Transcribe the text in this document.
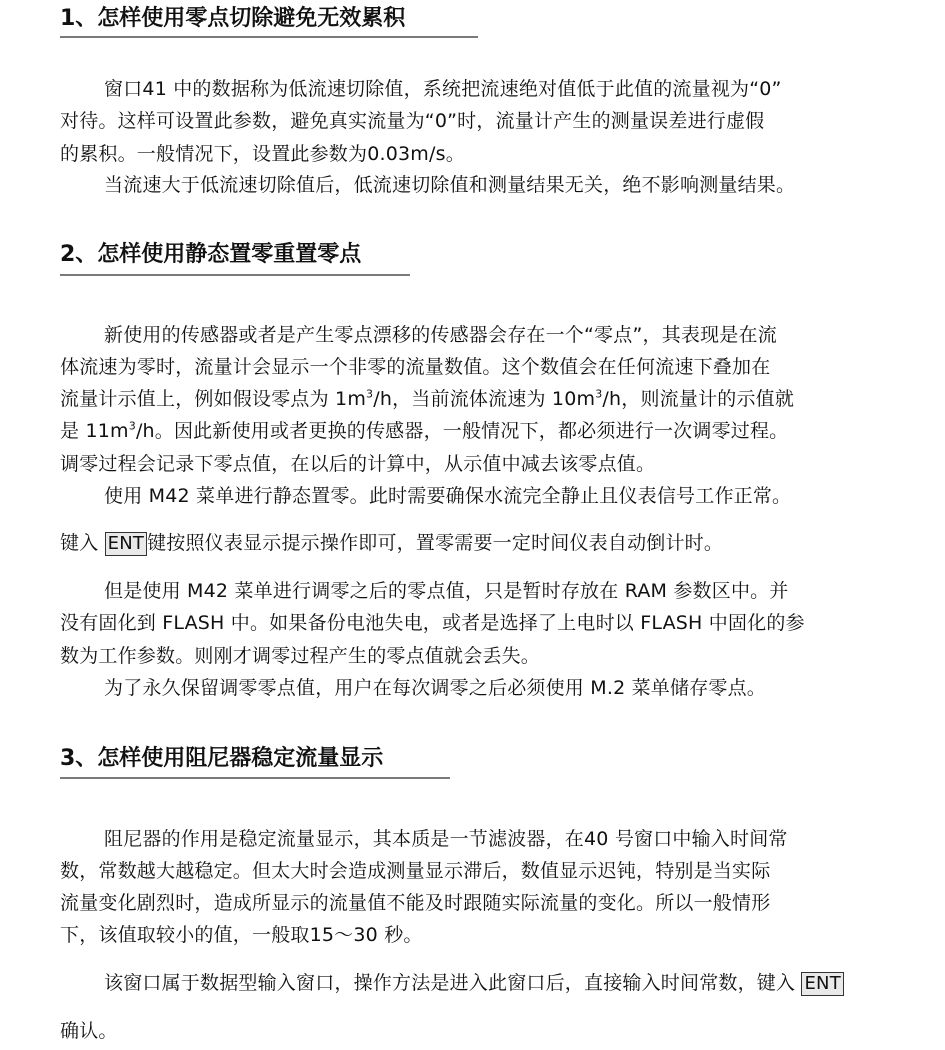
1、怎样使用零点切除避免无效累积
窗口41 中的数据称为低流速切除值，系统把流速绝对值低于此值的流量视为“0”
对待。这样可设置此参数，避免真实流量为“0”时，流量计产生的测量误差进行虚假
的累积。一般情况下，设置此参数为0.03m/s。
当流速大于低流速切除值后，低流速切除值和测量结果无关，绝不影响测量结果。
2、怎样使用静态置零重置零点
新使用的传感器或者是产生零点漂移的传感器会存在一个“零点”，其表现是在流
体流速为零时，流量计会显示一个非零的流量数值。这个数值会在任何流速下叠加在
流量计示值上，例如假设零点为 $1m^3/h$，当前流体流速为 $10m^3/h$，则流量计的示值就
是 $11m^3/h$。因此新使用或者更换的传感器，一般情况下，都必须进行一次调零过程。
调零过程会记录下零点值，在以后的计算中，从示值中减去该零点值。
使用 M42 菜单进行静态置零。此时需要确保水流完全静止且仪表信号工作正常。
键入 ENT 键按照仪表显示提示操作即可，置零需要一定时间仪表自动倒计时。
但是使用 M42 菜单进行调零之后的零点值，只是暂时存放在 RAM 参数区中。并
没有固化到 FLASH 中。如果备份电池失电，或者是选择了上电时以 FLASH 中固化的参
数为工作参数。则刚才调零过程产生的零点值就会丢失。
为了永久保留调零零点值，用户在每次调零之后必须使用 M.2 菜单储存零点。
3、怎样使用阻尼器稳定流量显示
阻尼器的作用是稳定流量显示，其本质是一节滤波器，在40 号窗口中输入时间常
数，常数越大越稳定。但太大时会造成测量显示滞后，数值显示迟钝，特别是当实际
流量变化剧烈时，造成所显示的流量值不能及时跟随实际流量的变化。所以一般情形
下，该值取较小的值，一般取15～30 秒。
该窗口属于数据型输入窗口，操作方法是进入此窗口后，直接输入时间常数，键入 ENT
确认。
